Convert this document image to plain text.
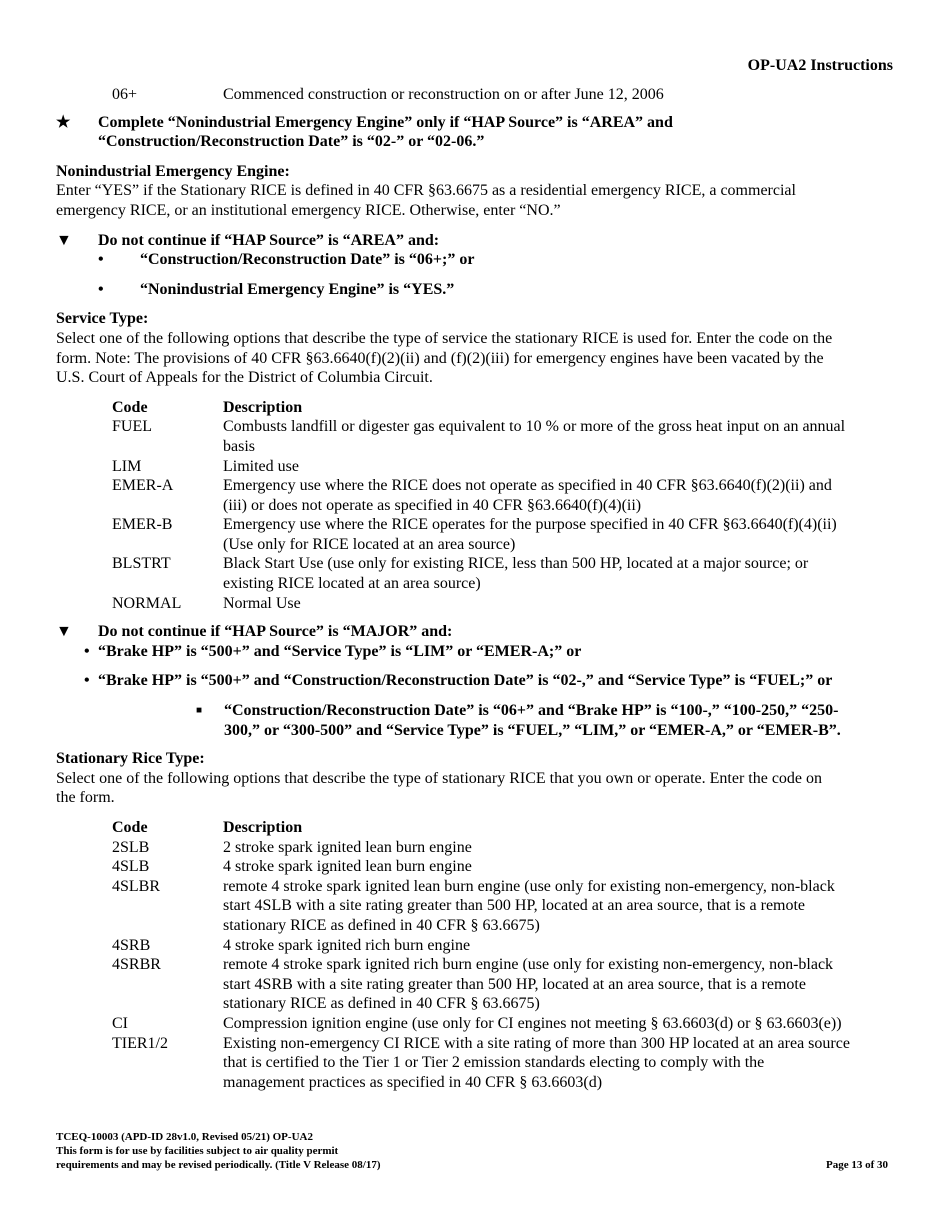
OP-UA2 Instructions
06+	Commenced construction or reconstruction on or after June 12, 2006
★	Complete “Nonindustrial Emergency Engine” only if “HAP Source” is “AREA” and
“Construction/Reconstruction Date” is “02-” or “02-06.”
Nonindustrial Emergency Engine:
Enter “YES” if the Stationary RICE is defined in 40 CFR §63.6675 as a residential emergency RICE, a commercial
emergency RICE, or an institutional emergency RICE. Otherwise, enter “NO.”
▼	Do not continue if “HAP Source” is “AREA” and:
•	“Construction/Reconstruction Date” is “06+;” or
•	“Nonindustrial Emergency Engine” is “YES.”
Service Type:
Select one of the following options that describe the type of service the stationary RICE is used for. Enter the code on the
form. Note: The provisions of 40 CFR §63.6640(f)(2)(ii) and (f)(2)(iii) for emergency engines have been vacated by the
U.S. Court of Appeals for the District of Columbia Circuit.
Code	Description
FUEL	Combusts landfill or digester gas equivalent to 10 % or more of the gross heat input on an annual
basis
LIM	Limited use
EMER-A	Emergency use where the RICE does not operate as specified in 40 CFR §63.6640(f)(2)(ii) and
(iii) or does not operate as specified in 40 CFR §63.6640(f)(4)(ii)
EMER-B	Emergency use where the RICE operates for the purpose specified in 40 CFR §63.6640(f)(4)(ii)
(Use only for RICE located at an area source)
BLSTRT	Black Start Use (use only for existing RICE, less than 500 HP, located at a major source; or
existing RICE located at an area source)
NORMAL	Normal Use
▼	Do not continue if “HAP Source” is “MAJOR” and:
• “Brake HP” is “500+” and “Service Type” is “LIM” or “EMER-A;” or
• “Brake HP” is “500+” and “Construction/Reconstruction Date” is “02-,” and “Service Type” is “FUEL;” or
■	“Construction/Reconstruction Date” is “06+” and “Brake HP” is “100-,” “100-250,” “250-
300,” or “300-500” and “Service Type” is “FUEL,” “LIM,” or “EMER-A,” or “EMER-B”.
Stationary Rice Type:
Select one of the following options that describe the type of stationary RICE that you own or operate. Enter the code on
the form.
Code	Description
2SLB	2 stroke spark ignited lean burn engine
4SLB	4 stroke spark ignited lean burn engine
4SLBR	remote 4 stroke spark ignited lean burn engine (use only for existing non-emergency, non-black
start 4SLB with a site rating greater than 500 HP, located at an area source, that is a remote
stationary RICE as defined in 40 CFR § 63.6675)
4SRB	4 stroke spark ignited rich burn engine
4SRBR	remote 4 stroke spark ignited rich burn engine (use only for existing non-emergency, non-black
start 4SRB with a site rating greater than 500 HP, located at an area source, that is a remote
stationary RICE as defined in 40 CFR § 63.6675)
CI	Compression ignition engine (use only for CI engines not meeting § 63.6603(d) or § 63.6603(e))
TIER1/2	Existing non-emergency CI RICE with a site rating of more than 300 HP located at an area source
that is certified to the Tier 1 or Tier 2 emission standards electing to comply with the
management practices as specified in 40 CFR § 63.6603(d)
TCEQ-10003 (APD-ID 28v1.0, Revised 05/21) OP-UA2
This form is for use by facilities subject to air quality permit
requirements and may be revised periodically. (Title V Release 08/17)	Page 13 of 30
